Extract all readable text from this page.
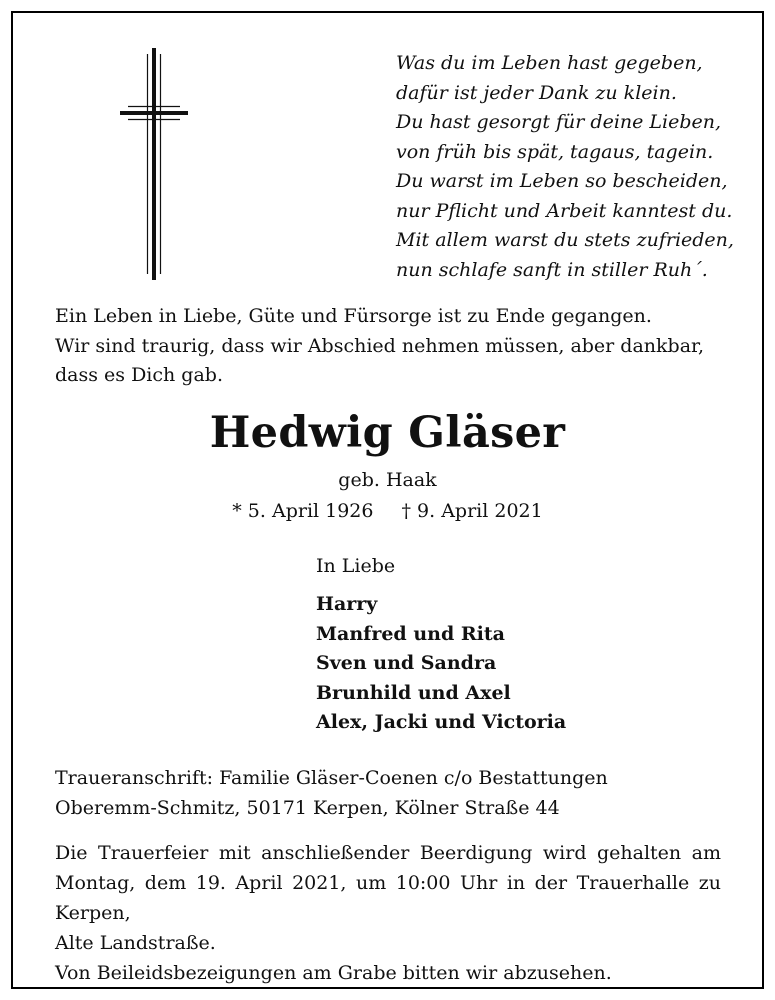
Was du im Leben hast gegeben,
dafür ist jeder Dank zu klein.
Du hast gesorgt für deine Lieben,
von früh bis spät, tagaus, tagein.
Du warst im Leben so bescheiden,
nur Pflicht und Arbeit kanntest du.
Mit allem warst du stets zufrieden,
nun schlafe sanft in stiller Ruh´.
Ein Leben in Liebe, Güte und Fürsorge ist zu Ende gegangen.
Wir sind traurig, dass wir Abschied nehmen müssen, aber dankbar,
dass es Dich gab.
Hedwig Gläser

geb. Haak

* 5. April 1926 † 9. April 2021

In Liebe

Harry
Manfred und Rita
Sven und Sandra
Brunhild und Axel
Alex, Jacki und Victoria
Traueranschrift: Familie Gläser-Coenen c/o Bestattungen
Oberemm-Schmitz, 50171 Kerpen, Kölner Straße 44
Die Trauerfeier mit anschließender Beerdigung wird gehalten am
Montag, dem 19. April 2021, um 10:00 Uhr in der Trauerhalle zu Kerpen,
Alte Landstraße.
Von Beileidsbezeigungen am Grabe bitten wir abzusehen.
